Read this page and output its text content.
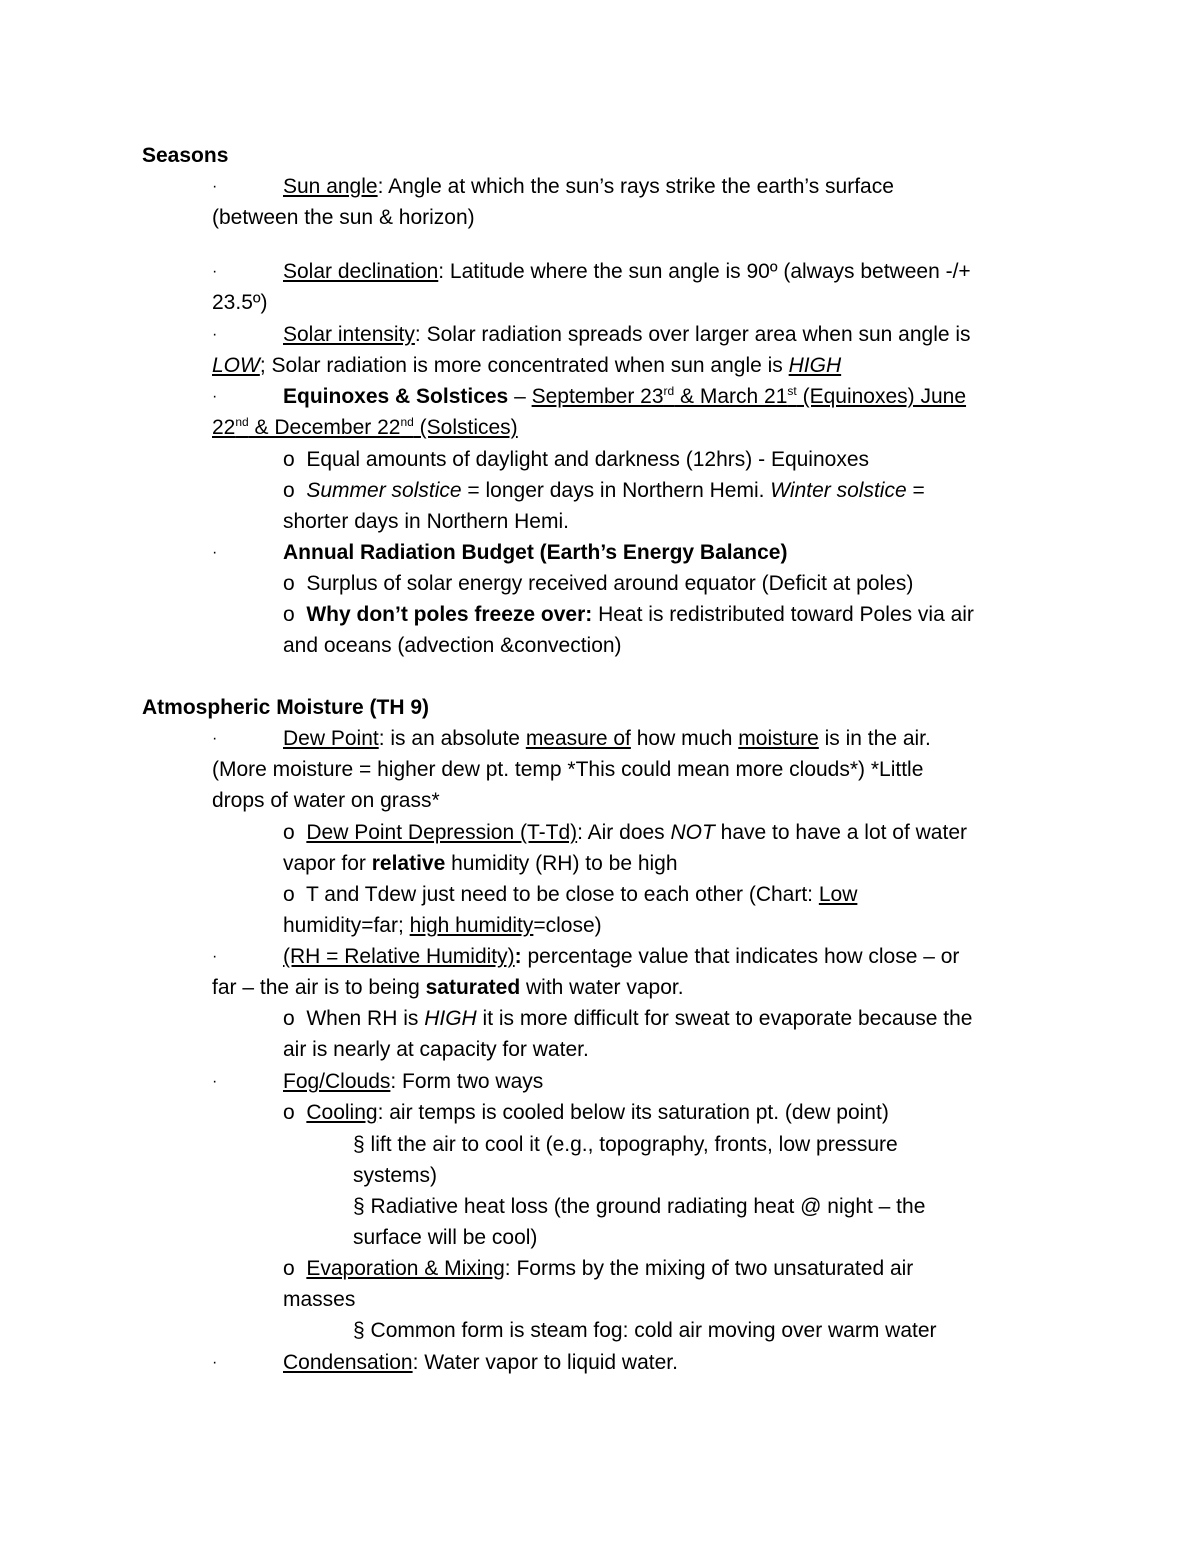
Seasons
·	Sun angle: Angle at which the sun’s rays strike the earth’s surface
(between the sun & horizon)
·	Solar declination: Latitude where the sun angle is 90º (always between -/+
23.5º)
·	Solar intensity: Solar radiation spreads over larger area when sun angle is
LOW; Solar radiation is more concentrated when sun angle is HIGH
·	Equinoxes & Solstices – September 23rd & March 21st (Equinoxes) June
22nd & December 22nd (Solstices)
o Equal amounts of daylight and darkness (12hrs) - Equinoxes
o Summer solstice = longer days in Northern Hemi. Winter solstice =
shorter days in Northern Hemi.
·	Annual Radiation Budget (Earth’s Energy Balance)
o Surplus of solar energy received around equator (Deficit at poles)
o Why don’t poles freeze over: Heat is redistributed toward Poles via air
and oceans (advection &convection)
Atmospheric Moisture (TH 9)
·	Dew Point: is an absolute measure of how much moisture is in the air.
(More moisture = higher dew pt. temp *This could mean more clouds*) *Little
drops of water on grass*
o Dew Point Depression (T-Td): Air does NOT have to have a lot of water
vapor for relative humidity (RH) to be high
o T and Tdew just need to be close to each other (Chart: Low
humidity=far; high humidity=close)
·	(RH = Relative Humidity): percentage value that indicates how close – or
far – the air is to being saturated with water vapor.
o When RH is HIGH it is more difficult for sweat to evaporate because the
air is nearly at capacity for water.
·	Fog/Clouds: Form two ways
o Cooling: air temps is cooled below its saturation pt. (dew point)
§ lift the air to cool it (e.g., topography, fronts, low pressure
systems)
§ Radiative heat loss (the ground radiating heat @ night – the
surface will be cool)
o Evaporation & Mixing: Forms by the mixing of two unsaturated air
masses
§ Common form is steam fog: cold air moving over warm water
·	Condensation: Water vapor to liquid water.
